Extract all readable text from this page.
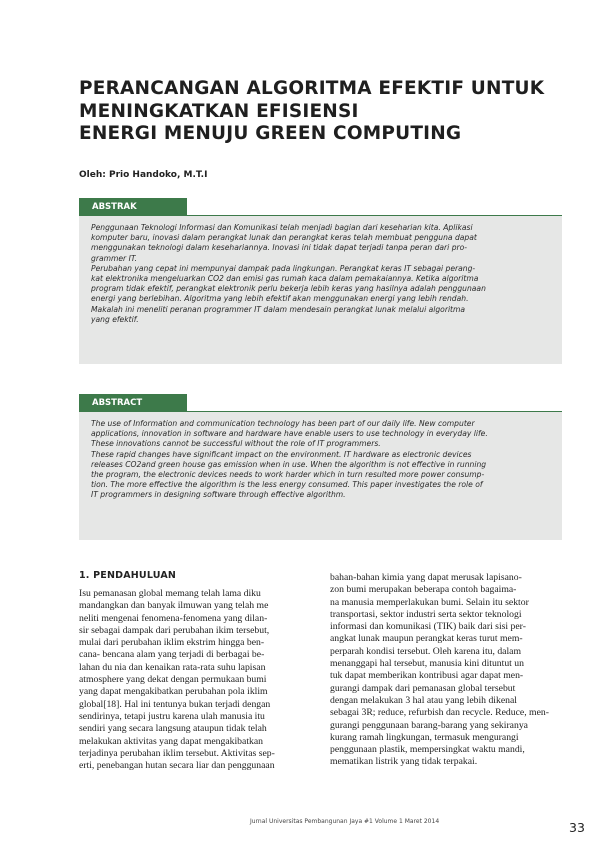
PERANCANGAN ALGORITMA EFEKTIF UNTUK
MENINGKATKAN EFISIENSI
ENERGI MENUJU GREEN COMPUTING
Oleh: Prio Handoko, M.T.I
ABSTRAK

Penggunaan Teknologi Informasi dan Komunikasi telah menjadi bagian dari keseharian kita. Aplikasi
komputer baru, inovasi dalam perangkat lunak dan perangkat keras telah membuat pengguna dapat
menggunakan teknologi dalam kesehariannya. Inovasi ini tidak dapat terjadi tanpa peran dari pro-
grammer IT.
Perubahan yang cepat ini mempunyai dampak pada lingkungan. Perangkat keras IT sebagai perang-
kat elektronika mengeluarkan CO2 dan emisi gas rumah kaca dalam pemakaiannya. Ketika algoritma
program tidak efektif, perangkat elektronik perlu bekerja lebih keras yang hasilnya adalah penggunaan
energi yang berlebihan. Algoritma yang lebih efektif akan menggunakan energi yang lebih rendah.
Makalah ini meneliti peranan programmer IT dalam mendesain perangkat lunak melalui algoritma
yang efektif.

ABSTRACT

The use of Information and communication technology has been part of our daily life. New computer
applications, innovation in software and hardware have enable users to use technology in everyday life.
These innovations cannot be successful without the role of IT programmers.
These rapid changes have significant impact on the environment. IT hardware as electronic devices
releases CO2and green house gas emission when in use. When the algorithm is not effective in running
the program, the electronic devices needs to work harder which in turn resulted more power consump-
tion. The more effective the algorithm is the less energy consumed. This paper investigates the role of
IT programmers in designing software through effective algorithm.

1. PENDAHULUAN
Isu pemanasan global memang telah lama diku
mandangkan dan banyak ilmuwan yang telah me
neliti mengenai fenomena-fenomena yang dilan-
sir sebagai dampak dari perubahan ikim tersebut,
mulai dari perubahan iklim ekstrim hingga ben-
cana- bencana alam yang terjadi di berbagai be-
lahan du nia dan kenaikan rata-rata suhu lapisan
atmosphere yang dekat dengan permukaan bumi
yang dapat mengakibatkan perubahan pola iklim
global[18]. Hal ini tentunya bukan terjadi dengan
sendirinya, tetapi justru karena ulah manusia itu
sendiri yang secara langsung ataupun tidak telah
melakukan aktivitas yang dapat mengakibatkan
terjadinya perubahan iklim tersebut. Aktivitas sep-
erti, penebangan hutan secara liar dan penggunaan
bahan-bahan kimia yang dapat merusak lapisano-
zon bumi merupakan beberapa contoh bagaima-
na manusia memperlakukan bumi. Selain itu sektor
transportasi, sektor industri serta sektor teknologi
informasi dan komunikasi (TIK) baik dari sisi per-
angkat lunak maupun perangkat keras turut mem-
perparah kondisi tersebut. Oleh karena itu, dalam
menanggapi hal tersebut, manusia kini dituntut un
tuk dapat memberikan kontribusi agar dapat men-
gurangi dampak dari pemanasan global tersebut
dengan melakukan 3 hal atau yang lebih dikenal
sebagai 3R; reduce, refurbish dan recycle. Reduce, men-
gurangi penggunaan barang-barang yang sekiranya
kurang ramah lingkungan, termasuk mengurangi
penggunaan plastik, mempersingkat waktu mandi,
mematikan listrik yang tidak terpakai.
Jurnal Universitas Pembangunan Jaya #1 Volume 1 Maret 2014	33
